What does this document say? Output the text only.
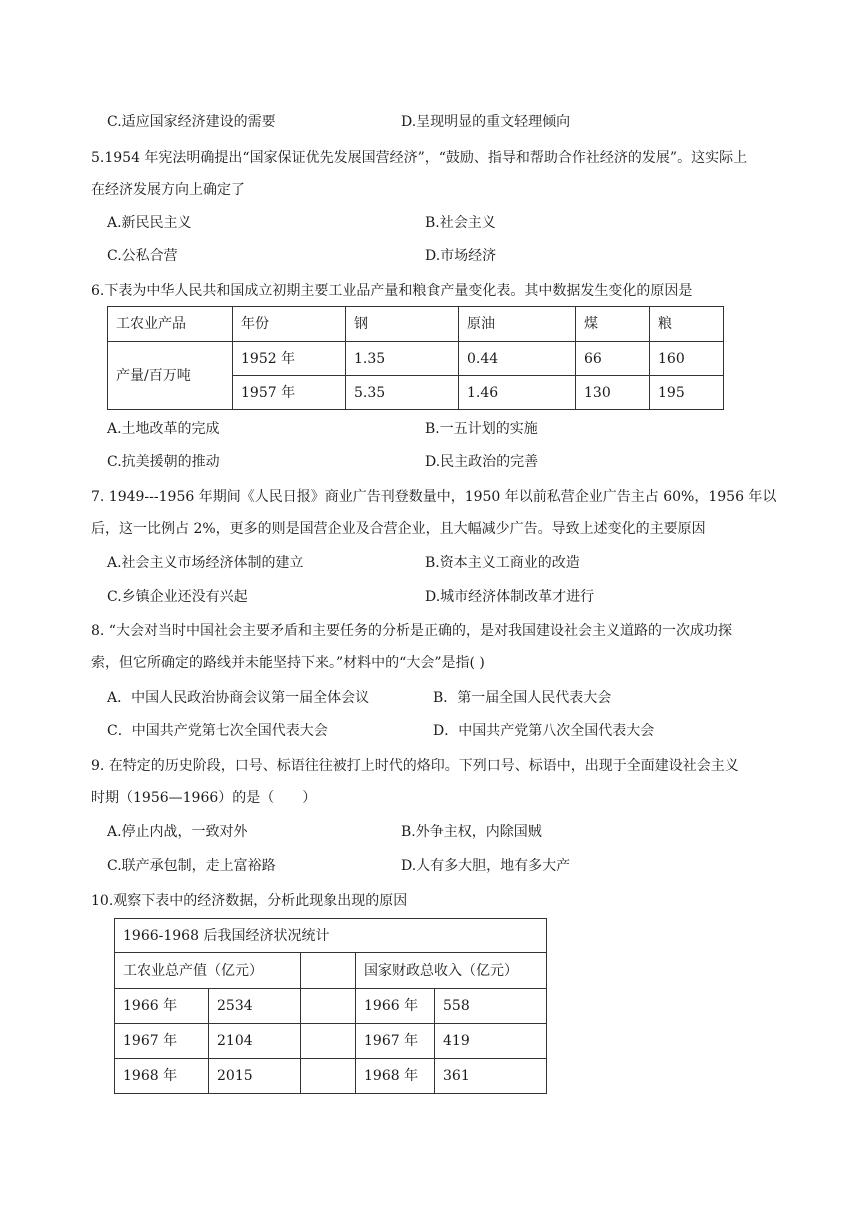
C.适应国家经济建设的需要	D.呈现明显的重文轻理倾向
5.1954 年宪法明确提出“国家保证优先发展国营经济”，“鼓励、指导和帮助合作社经济的发展”。这实际上
在经济发展方向上确定了
A.新民民主义	B.社会主义
C.公私合营	D.市场经济
6.下表为中华人民共和国成立初期主要工业品产量和粮食产量变化表。其中数据发生变化的原因是
工农业产品	年份	钢	原油	煤	粮
产量/百万吨	1952 年	1.35	0.44	66	160
	1957 年	5.35	1.46	130	195
A.土地改革的完成	B.一五计划的实施
C.抗美援朝的推动	D.民主政治的完善
7. 1949---1956 年期间《人民日报》商业广告刊登数量中，1950 年以前私营企业广告主占 60%，1956 年以
后，这一比例占 2%，更多的则是国营企业及合营企业，且大幅减少广告。导致上述变化的主要原因
A.社会主义市场经济体制的建立	B.资本主义工商业的改造
C.乡镇企业还没有兴起	D.城市经济体制改革才进行
8. “大会对当时中国社会主要矛盾和主要任务的分析是正确的，是对我国建设社会主义道路的一次成功探
索，但它所确定的路线并未能坚持下来。”材料中的“大会”是指( )
A．中国人民政治协商会议第一届全体会议	B．第一届全国人民代表大会
C．中国共产党第七次全国代表大会	D．中国共产党第八次全国代表大会
9. 在特定的历史阶段，口号、标语往往被打上时代的烙印。下列口号、标语中，出现于全面建设社会主义
时期（1956—1966）的是（　　）
A.停止内战，一致对外	B.外争主权，内除国贼
C.联产承包制，走上富裕路	D.人有多大胆，地有多大产
10.观察下表中的经济数据，分析此现象出现的原因
1966-1968 后我国经济状况统计				
工农业总产值（亿元）			国家财政总收入（亿元）	
1966 年	2534		1966 年	558
1967 年	2104		1967 年	419
1968 年	2015		1968 年	361
